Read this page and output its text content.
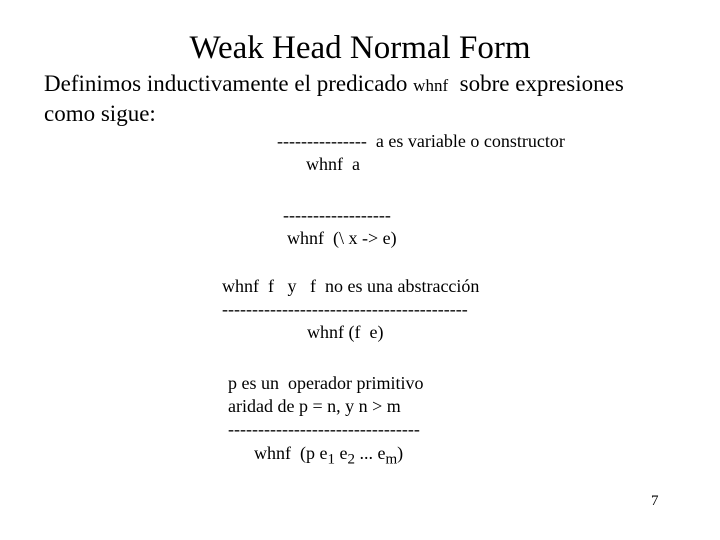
Weak Head Normal Form
Definimos inductivamente el predicado whnf  sobre expresiones
como sigue:
--------------- a es variable o constructor
whnf  a
------------------
whnf  (\ x -> e)
whnf  f   y   f  no es una abstracción
-----------------------------------------
whnf (f  e)
p es un  operador primitivo
aridad de p = n, y n > m
--------------------------------
whnf  (p $e_1$ $e_2$ ... $e_m$)
7
